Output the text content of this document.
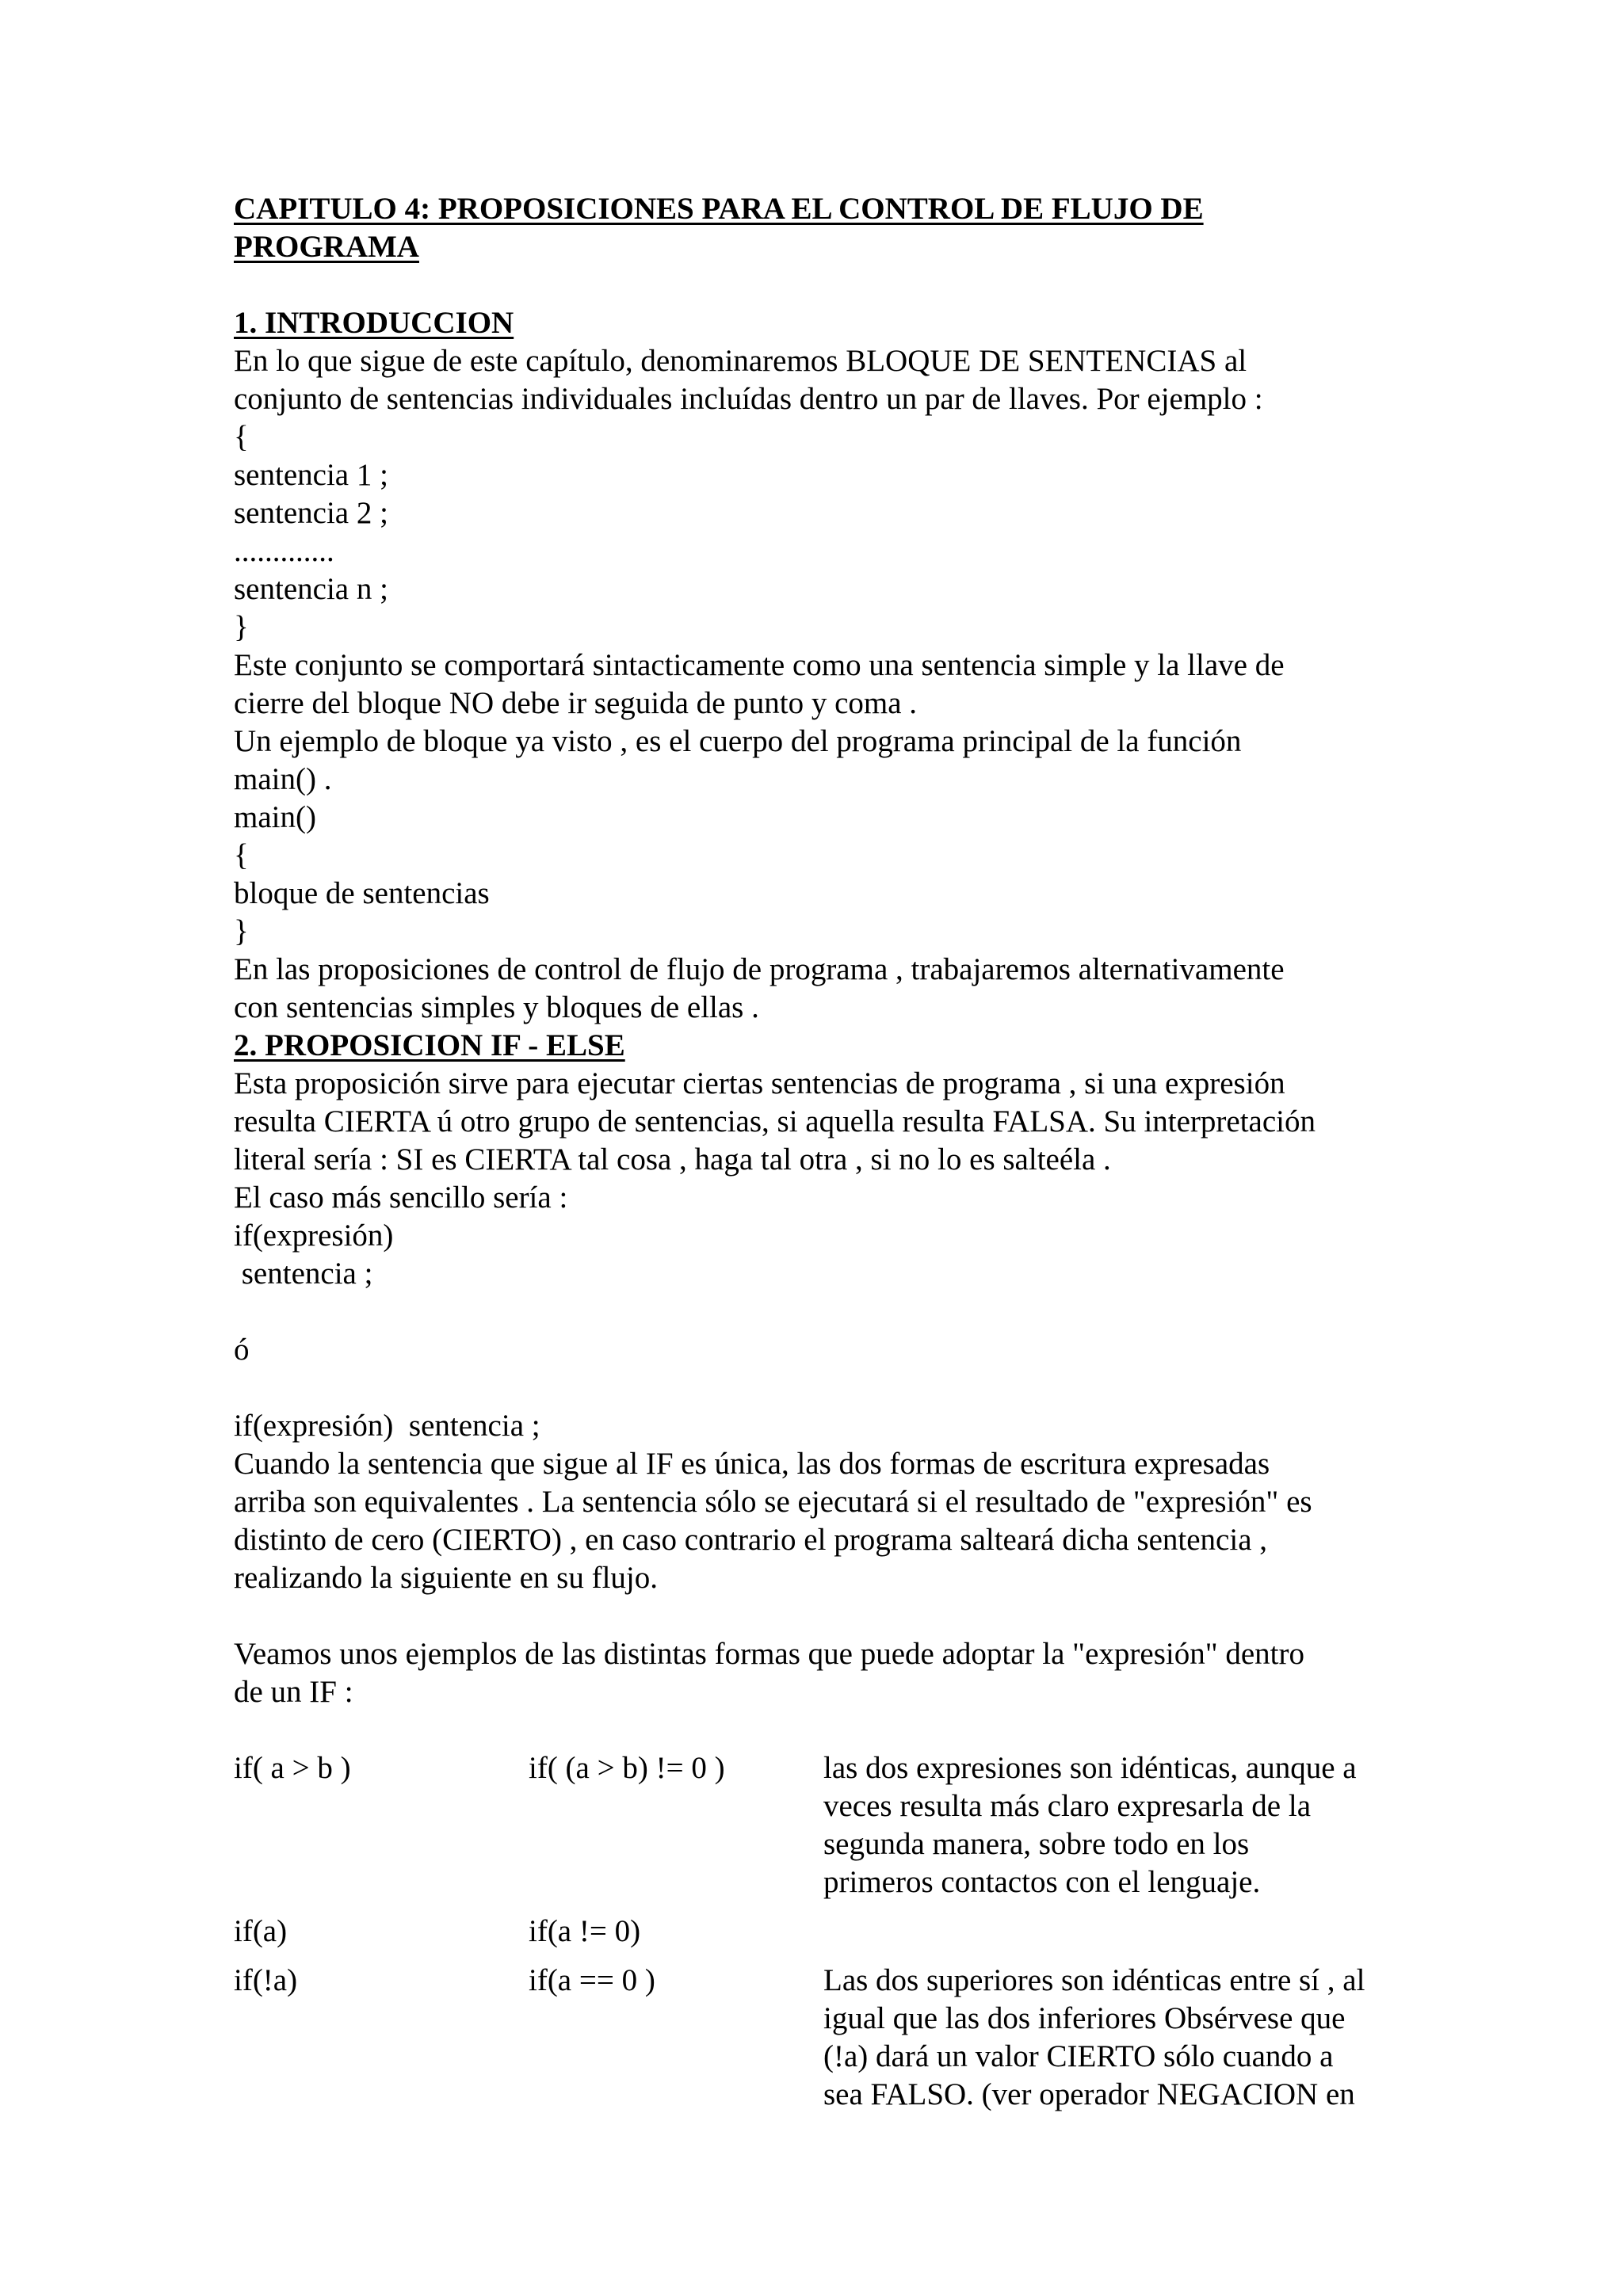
CAPITULO 4: PROPOSICIONES PARA EL CONTROL DE FLUJO DE
PROGRAMA
1. INTRODUCCION
En lo que sigue de este capítulo, denominaremos BLOQUE DE SENTENCIAS al
conjunto de sentencias individuales incluídas dentro un par de llaves. Por ejemplo :
{
sentencia 1 ;
sentencia 2 ;
.............
sentencia n ;
}
Este conjunto se comportará sintacticamente como una sentencia simple y la llave de
cierre del bloque NO debe ir seguida de punto y coma .
Un ejemplo de bloque ya visto , es el cuerpo del programa principal de la función
main() .
main()
{
bloque de sentencias
}
En las proposiciones de control de flujo de programa , trabajaremos alternativamente
con sentencias simples y bloques de ellas .
2. PROPOSICION IF - ELSE
Esta proposición sirve para ejecutar ciertas sentencias de programa , si una expresión
resulta CIERTA ú otro grupo de sentencias, si aquella resulta FALSA. Su interpretación
literal sería : SI es CIERTA tal cosa , haga tal otra , si no lo es salteéla .
El caso más sencillo sería :
if(expresión)
sentencia ;
ó
if(expresión)  sentencia ;
Cuando la sentencia que sigue al IF es única, las dos formas de escritura expresadas
arriba son equivalentes . La sentencia sólo se ejecutará si el resultado de "expresión" es
distinto de cero (CIERTO) , en caso contrario el programa salteará dicha sentencia ,
realizando la siguiente en su flujo.
Veamos unos ejemplos de las distintas formas que puede adoptar la "expresión" dentro
de un IF :
if( a > b )	if( (a > b) != 0 )	las dos expresiones son idénticas, aunque a
veces resulta más claro expresarla de la
segunda manera, sobre todo en los
primeros contactos con el lenguaje.

if(a)	if(a != 0)	
if(!a)	if(a == 0 )	Las dos superiores son idénticas entre sí , al
igual que las dos inferiores Obsérvese que
(!a) dará un valor CIERTO sólo cuando a
sea FALSO. (ver operador NEGACION en
